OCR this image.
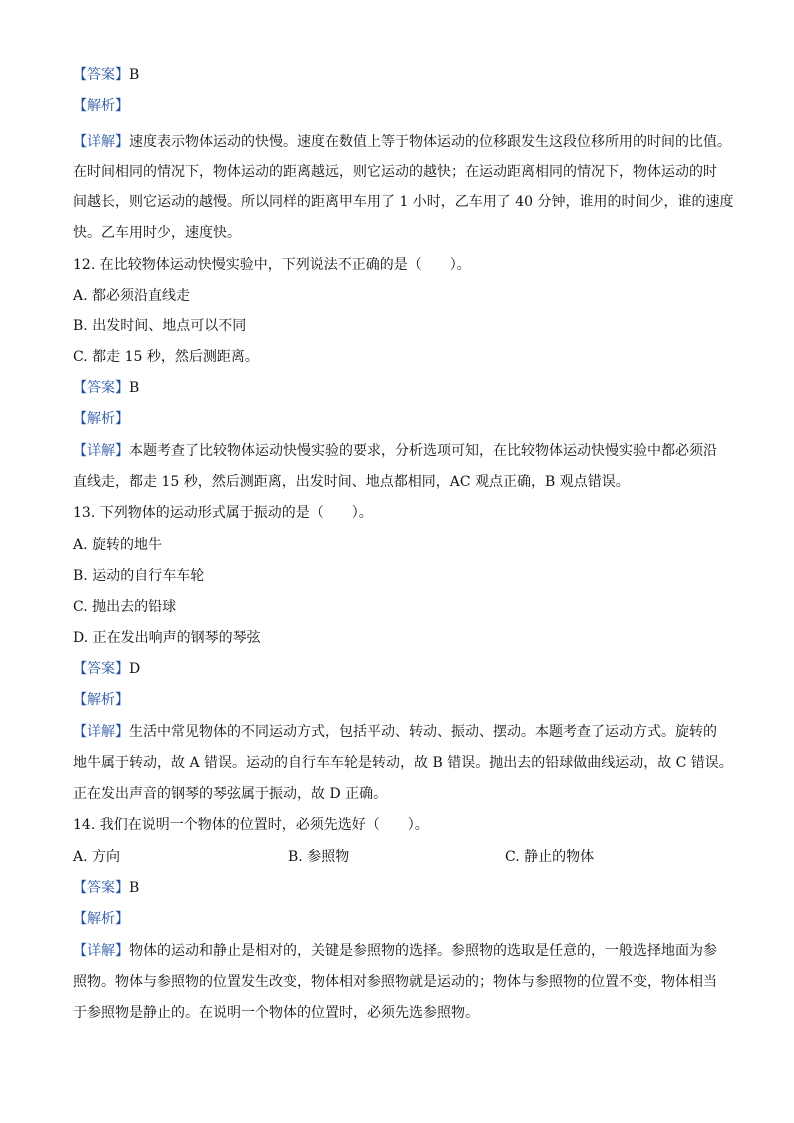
【答案】B
【解析】
【详解】速度表示物体运动的快慢。速度在数值上等于物体运动的位移跟发生这段位移所用的时间的比值。
在时间相同的情况下，物体运动的距离越远，则它运动的越快；在运动距离相同的情况下，物体运动的时
间越长，则它运动的越慢。所以同样的距离甲车用了 1 小时，乙车用了 40 分钟，谁用的时间少，谁的速度
快。乙车用时少，速度快。
12. 在比较物体运动快慢实验中，下列说法不正确的是（　　）。
A. 都必须沿直线走
B. 出发时间、地点可以不同
C. 都走 15 秒，然后测距离。
【答案】B
【解析】
【详解】本题考查了比较物体运动快慢实验的要求，分析选项可知，在比较物体运动快慢实验中都必须沿
直线走，都走 15 秒，然后测距离，出发时间、地点都相同，AC 观点正确，B 观点错误。
13. 下列物体的运动形式属于振动的是（　　）。
A. 旋转的地牛
B. 运动的自行车车轮
C. 抛出去的铅球
D. 正在发出响声的钢琴的琴弦
【答案】D
【解析】
【详解】生活中常见物体的不同运动方式，包括平动、转动、振动、摆动。本题考查了运动方式。旋转的
地牛属于转动，故 A 错误。运动的自行车车轮是转动，故 B 错误。抛出去的铅球做曲线运动，故 C 错误。
正在发出声音的钢琴的琴弦属于振动，故 D 正确。
14. 我们在说明一个物体的位置时，必须先选好（　　）。
A. 方向	B. 参照物	C. 静止的物体
【答案】B
【解析】
【详解】物体的运动和静止是相对的，关键是参照物的选择。参照物的选取是任意的，一般选择地面为参
照物。物体与参照物的位置发生改变，物体相对参照物就是运动的；物体与参照物的位置不变，物体相当
于参照物是静止的。在说明一个物体的位置时，必须先选参照物。
